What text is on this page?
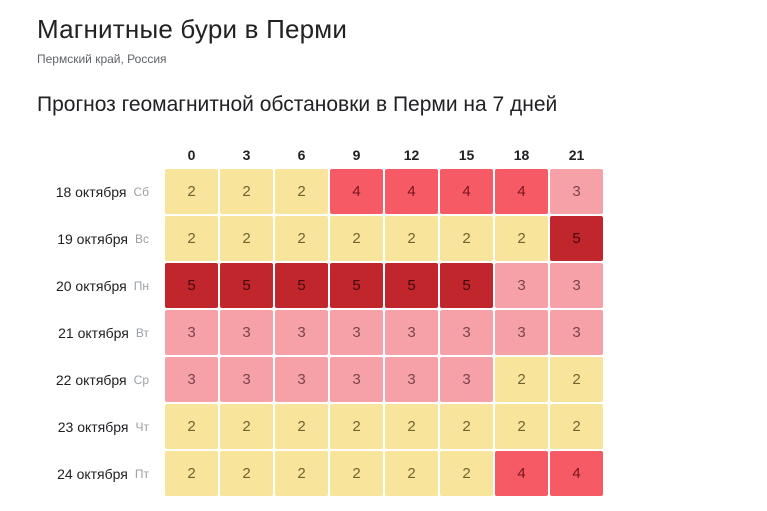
Магнитные бури в Перми
Пермский край, Россия
Прогноз геомагнитной обстановки в Перми на 7 дней
0	3	6	9	12	15	18	21
18 октября Сб	2	2	2	4	4	4	4	3
19 октября Вс	2	2	2	2	2	2	2	5
20 октября Пн	5	5	5	5	5	5	3	3
21 октября Вт	3	3	3	3	3	3	3	3
22 октября Ср	3	3	3	3	3	3	2	2
23 октября Чт	2	2	2	2	2	2	2	2
24 октября Пт	2	2	2	2	2	2	4	4
